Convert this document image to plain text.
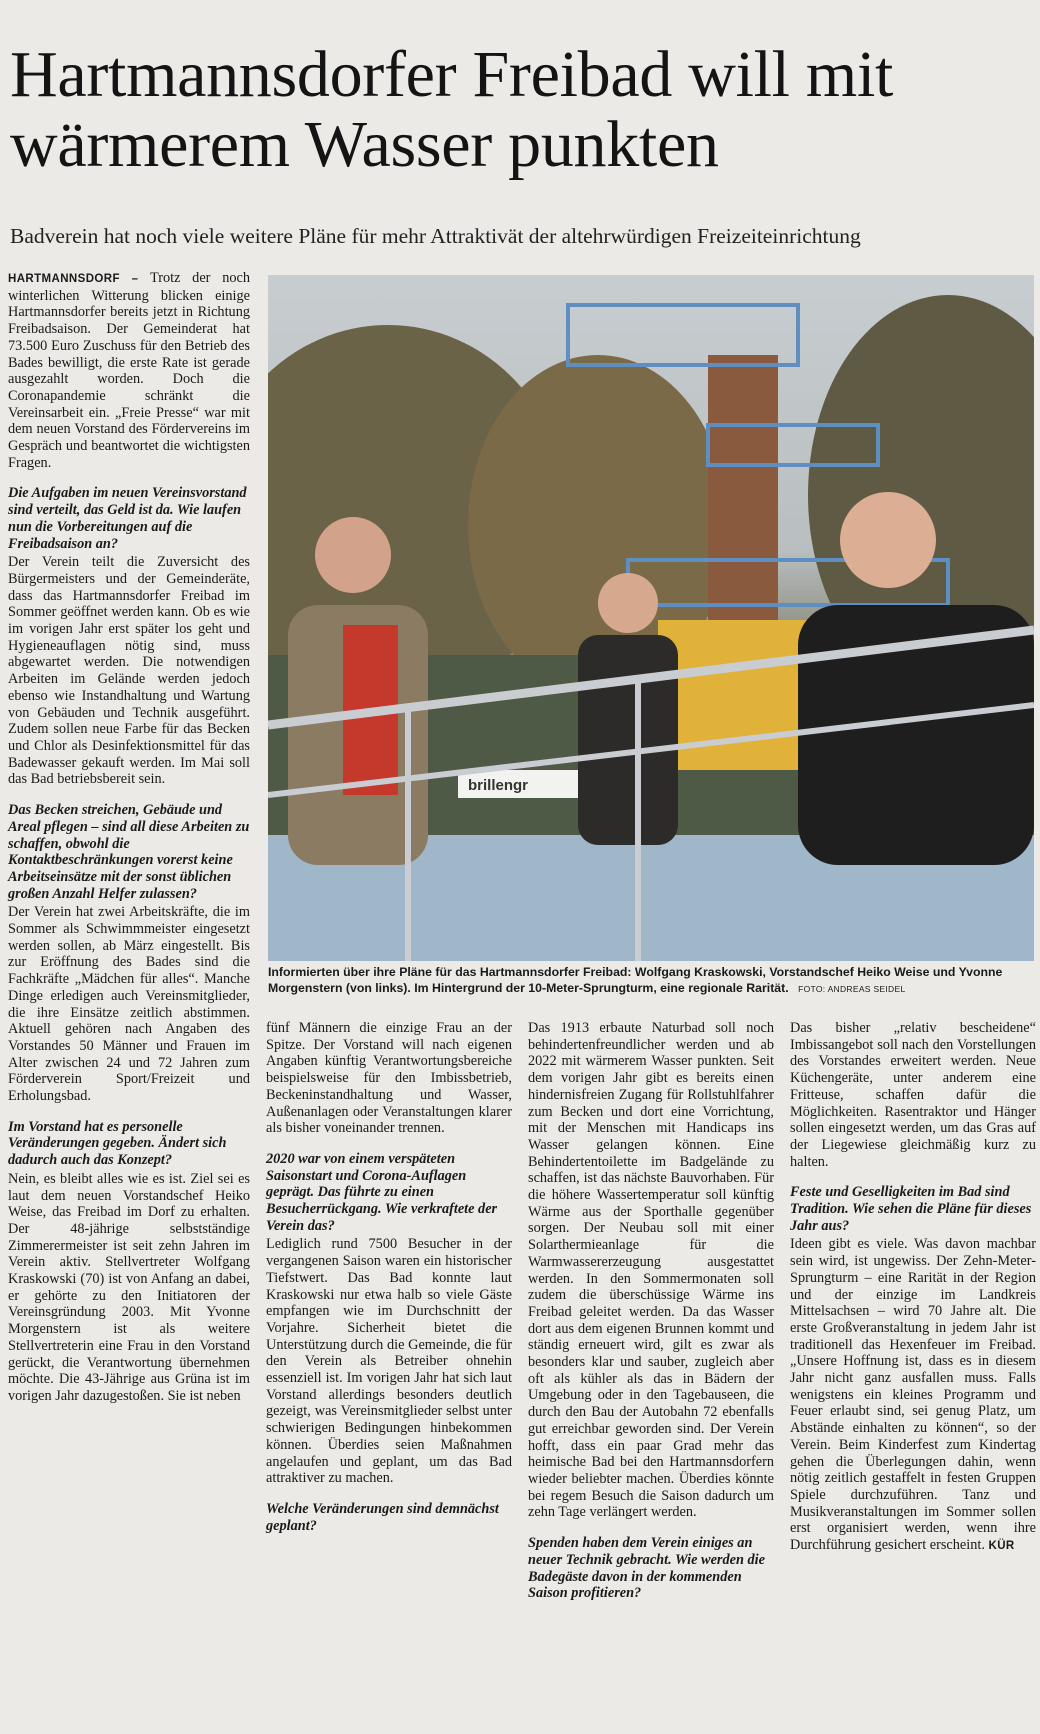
Hartmannsdorfer Freibad will mit wärmerem Wasser punkten

Badverein hat noch viele weitere Pläne für mehr Attraktivät der altehrwürdigen Freizeiteinrichtung

HARTMANNSDORF – Trotz der noch winterlichen Witterung blicken einige Hartmannsdorfer bereits jetzt in Richtung Freibadsaison. Der Gemeinderat hat 73.500 Euro Zuschuss für den Betrieb des Bades bewilligt, die erste Rate ist gerade ausgezahlt worden. Doch die Coronapandemie schränkt die Vereinsarbeit ein. „Freie Presse“ war mit dem neuen Vorstand des Fördervereins im Gespräch und beantwortet die wichtigsten Fragen.

Die Aufgaben im neuen Vereinsvorstand sind verteilt, das Geld ist da. Wie laufen nun die Vorbereitungen auf die Freibadsaison an?

Der Verein teilt die Zuversicht des Bürgermeisters und der Gemeinderäte, dass das Hartmannsdorfer Freibad im Sommer geöffnet werden kann. Ob es wie im vorigen Jahr erst später los geht und Hygieneauflagen nötig sind, muss abgewartet werden. Die notwendigen Arbeiten im Gelände werden jedoch ebenso wie Instandhaltung und Wartung von Gebäuden und Technik ausgeführt. Zudem sollen neue Farbe für das Becken und Chlor als Desinfektionsmittel für das Badewasser gekauft werden. Im Mai soll das Bad betriebsbereit sein.

Das Becken streichen, Gebäude und Areal pflegen – sind all diese Arbeiten zu schaffen, obwohl die Kontaktbeschränkungen vorerst keine Arbeitseinsätze mit der sonst üblichen großen Anzahl Helfer zulassen?

Der Verein hat zwei Arbeitskräfte, die im Sommer als Schwimmmeister eingesetzt werden sollen, ab März eingestellt. Bis zur Eröffnung des Bades sind die Fachkräfte „Mädchen für alles“. Manche Dinge erledigen auch Vereinsmitglieder, die ihre Einsätze zeitlich abstimmen. Aktuell gehören nach Angaben des Vorstandes 50 Männer und Frauen im Alter zwischen 24 und 72 Jahren zum Förderverein Sport/Freizeit und Erholungsbad.

Im Vorstand hat es personelle Veränderungen gegeben. Ändert sich dadurch auch das Konzept?

Nein, es bleibt alles wie es ist. Ziel sei es laut dem neuen Vorstandschef Heiko Weise, das Freibad im Dorf zu erhalten. Der 48-jährige selbstständige Zimmerermeister ist seit zehn Jahren im Verein aktiv. Stellvertreter Wolfgang Kraskowski (70) ist von Anfang an dabei, er gehörte zu den Initiatoren der Vereinsgründung 2003. Mit Yvonne Morgenstern ist als weitere Stellvertreterin eine Frau in den Vorstand gerückt, die Verantwortung übernehmen möchte. Die 43-Jährige aus Grüna ist im vorigen Jahr dazugestoßen. Sie ist neben

brillengr
Informierten über ihre Pläne für das Hartmannsdorfer Freibad: Wolfgang Kraskowski, Vorstandschef Heiko Weise und Yvonne Morgenstern (von links). Im Hintergrund der 10-Meter-Sprungturm, eine regionale Rarität. FOTO: ANDREAS SEIDEL

fünf Männern die einzige Frau an der Spitze. Der Vorstand will nach eigenen Angaben künftig Verantwortungsbereiche beispielsweise für den Imbissbetrieb, Beckeninstandhaltung und Wasser, Außenanlagen oder Veranstaltungen klarer als bisher voneinander trennen.

2020 war von einem verspäteten Saisonstart und Corona-Auflagen geprägt. Das führte zu einen Besucherrückgang. Wie verkraftete der Verein das?

Lediglich rund 7500 Besucher in der vergangenen Saison waren ein historischer Tiefstwert. Das Bad konnte laut Kraskowski nur etwa halb so viele Gäste empfangen wie im Durchschnitt der Vorjahre. Sicherheit bietet die Unterstützung durch die Gemeinde, die für den Verein als Betreiber ohnehin essenziell ist. Im vorigen Jahr hat sich laut Vorstand allerdings besonders deutlich gezeigt, was Vereinsmitglieder selbst unter schwierigen Bedingungen hinbekommen können. Überdies seien Maßnahmen angelaufen und geplant, um das Bad attraktiver zu machen.

Welche Veränderungen sind demnächst geplant?

Das 1913 erbaute Naturbad soll noch behindertenfreundlicher werden und ab 2022 mit wärmerem Wasser punkten. Seit dem vorigen Jahr gibt es bereits einen hindernisfreien Zugang für Rollstuhlfahrer zum Becken und dort eine Vorrichtung, mit der Menschen mit Handicaps ins Wasser gelangen können. Eine Behindertentoilette im Badgelände zu schaffen, ist das nächste Bauvorhaben. Für die höhere Wassertemperatur soll künftig Wärme aus der Sporthalle gegenüber sorgen. Der Neubau soll mit einer Solarthermieanlage für die Warmwassererzeugung ausgestattet werden. In den Sommermonaten soll zudem die überschüssige Wärme ins Freibad geleitet werden. Da das Wasser dort aus dem eigenen Brunnen kommt und ständig erneuert wird, gilt es zwar als besonders klar und sauber, zugleich aber oft als kühler als das in Bädern der Umgebung oder in den Tagebauseen, die durch den Bau der Autobahn 72 ebenfalls gut erreichbar geworden sind. Der Verein hofft, dass ein paar Grad mehr das heimische Bad bei den Hartmannsdorfern wieder beliebter machen. Überdies könnte bei regem Besuch die Saison dadurch um zehn Tage verlängert werden.

Spenden haben dem Verein einiges an neuer Technik gebracht. Wie werden die Badegäste davon in der kommenden Saison profitieren?

Das bisher „relativ bescheidene“ Imbissangebot soll nach den Vorstellungen des Vorstandes erweitert werden. Neue Küchengeräte, unter anderem eine Fritteuse, schaffen dafür die Möglichkeiten. Rasentraktor und Hänger sollen eingesetzt werden, um das Gras auf der Liegewiese gleichmäßig kurz zu halten.

Feste und Geselligkeiten im Bad sind Tradition. Wie sehen die Pläne für dieses Jahr aus?

Ideen gibt es viele. Was davon machbar sein wird, ist ungewiss. Der Zehn-Meter-Sprungturm – eine Rarität in der Region und der einzige im Landkreis Mittelsachsen – wird 70 Jahre alt. Die erste Großveranstaltung in jedem Jahr ist traditionell das Hexenfeuer im Freibad. „Unsere Hoffnung ist, dass es in diesem Jahr nicht ganz ausfallen muss. Falls wenigstens ein kleines Programm und Feuer erlaubt sind, sei genug Platz, um Abstände einhalten zu können“, so der Verein. Beim Kinderfest zum Kindertag gehen die Überlegungen dahin, wenn nötig zeitlich gestaffelt in festen Gruppen Spiele durchzuführen. Tanz und Musikveranstaltungen im Sommer sollen erst organisiert werden, wenn ihre Durchführung gesichert erscheint. KÜR
